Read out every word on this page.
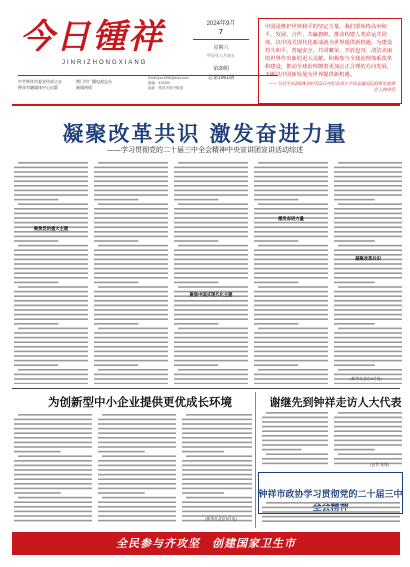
今日锺祥
JINRIZHONGXIANG
2024年9月
7
星期六
甲辰年八月初五
第30期
总第1961期
中共钟祥市委宣传部主办
钟祥市融媒体中心出版
荆门市广播电视总台
新闻热线
Email:jrzx1996@sina.com
邮编：431900
地址：钟祥市郢中街道
中国是维护世界和平的坚定力量，我们要始终高举和平、发展、合作、共赢旗帜，推动构建人类命运共同体，以中国式现代化新成就为世界提供新机遇，为建设持久和平、普遍安全、共同繁荣、开放包容、清洁美丽的世界作出新的更大贡献，积极参与全球治理体系改革和建设，推动全球治理朝着更加公正合理的方向发展，不断以中国新发展为世界提供新机遇。
——习近平在2024年9月22日在纪念邓小平同志诞辰120周年座谈会上的讲话
凝聚改革共识 激发奋进力量
——学习贯彻党的二十届三中全会精神中央宣讲团宣讲活动综述
聚焦党的重大主题
聚焦中国式现代化主题
激发奋进力量
凝聚改革共识
(新华社北京9月电)
为创新型中小企业提供更优成长环境	谢继先到钟祥走访人大代表
(新华社北京9月电)
(记者 张悦)
钟祥市政协学习贯彻党的二十届三中
全民参与齐攻坚　创建国家卫生市
